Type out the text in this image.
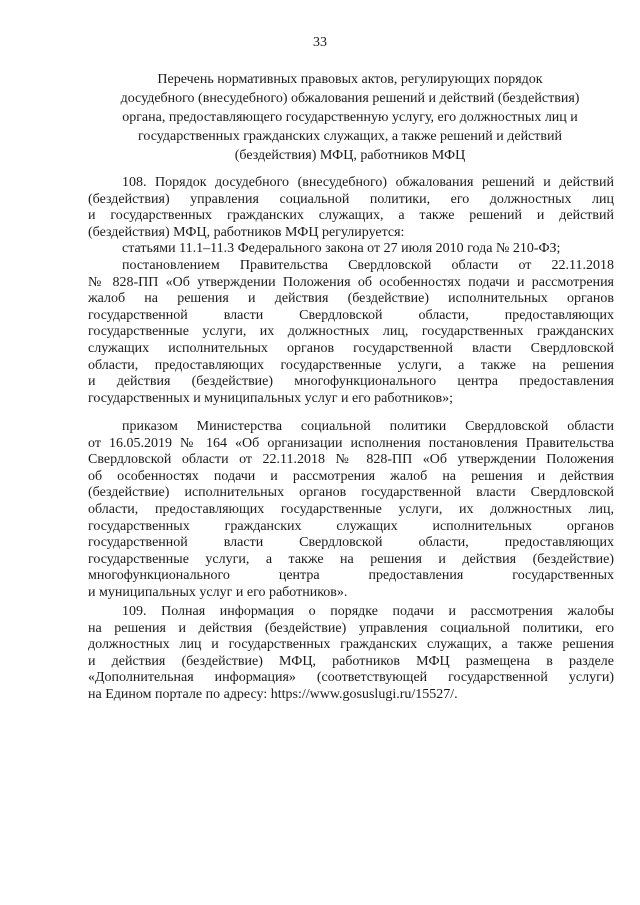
33
Перечень нормативных правовых актов, регулирующих порядок
досудебного (внесудебного) обжалования решений и действий (бездействия)
органа, предоставляющего государственную услугу, его должностных лиц и
государственных гражданских служащих, а также решений и действий
(бездействия) МФЦ, работников МФЦ
108. Порядок досудебного (внесудебного) обжалования решений и действий
(бездействия) управления социальной политики, его должностных лиц
и государственных гражданских служащих, а также решений и действий
(бездействия) МФЦ, работников МФЦ регулируется:
статьями 11.1–11.3 Федерального закона от 27 июля 2010 года № 210-ФЗ;
постановлением Правительства Свердловской области от 22.11.2018
№ 828-ПП «Об утверждении Положения об особенностях подачи и рассмотрения
жалоб на решения и действия (бездействие) исполнительных органов
государственной власти Свердловской области, предоставляющих
государственные услуги, их должностных лиц, государственных гражданских
служащих исполнительных органов государственной власти Свердловской
области, предоставляющих государственные услуги, а также на решения
и действия (бездействие) многофункционального центра предоставления
государственных и муниципальных услуг и его работников»;
приказом Министерства социальной политики Свердловской области
от 16.05.2019 № 164 «Об организации исполнения постановления Правительства
Свердловской области от 22.11.2018 № 828-ПП «Об утверждении Положения
об особенностях подачи и рассмотрения жалоб на решения и действия
(бездействие) исполнительных органов государственной власти Свердловской
области, предоставляющих государственные услуги, их должностных лиц,
государственных гражданских служащих исполнительных органов
государственной власти Свердловской области, предоставляющих
государственные услуги, а также на решения и действия (бездействие)
многофункционального центра предоставления государственных
и муниципальных услуг и его работников».
109. Полная информация о порядке подачи и рассмотрения жалобы
на решения и действия (бездействие) управления социальной политики, его
должностных лиц и государственных гражданских служащих, а также решения
и действия (бездействие) МФЦ, работников МФЦ размещена в разделе
«Дополнительная информация» (соответствующей государственной услуги)
на Едином портале по адресу: https://www.gosuslugi.ru/15527/.
